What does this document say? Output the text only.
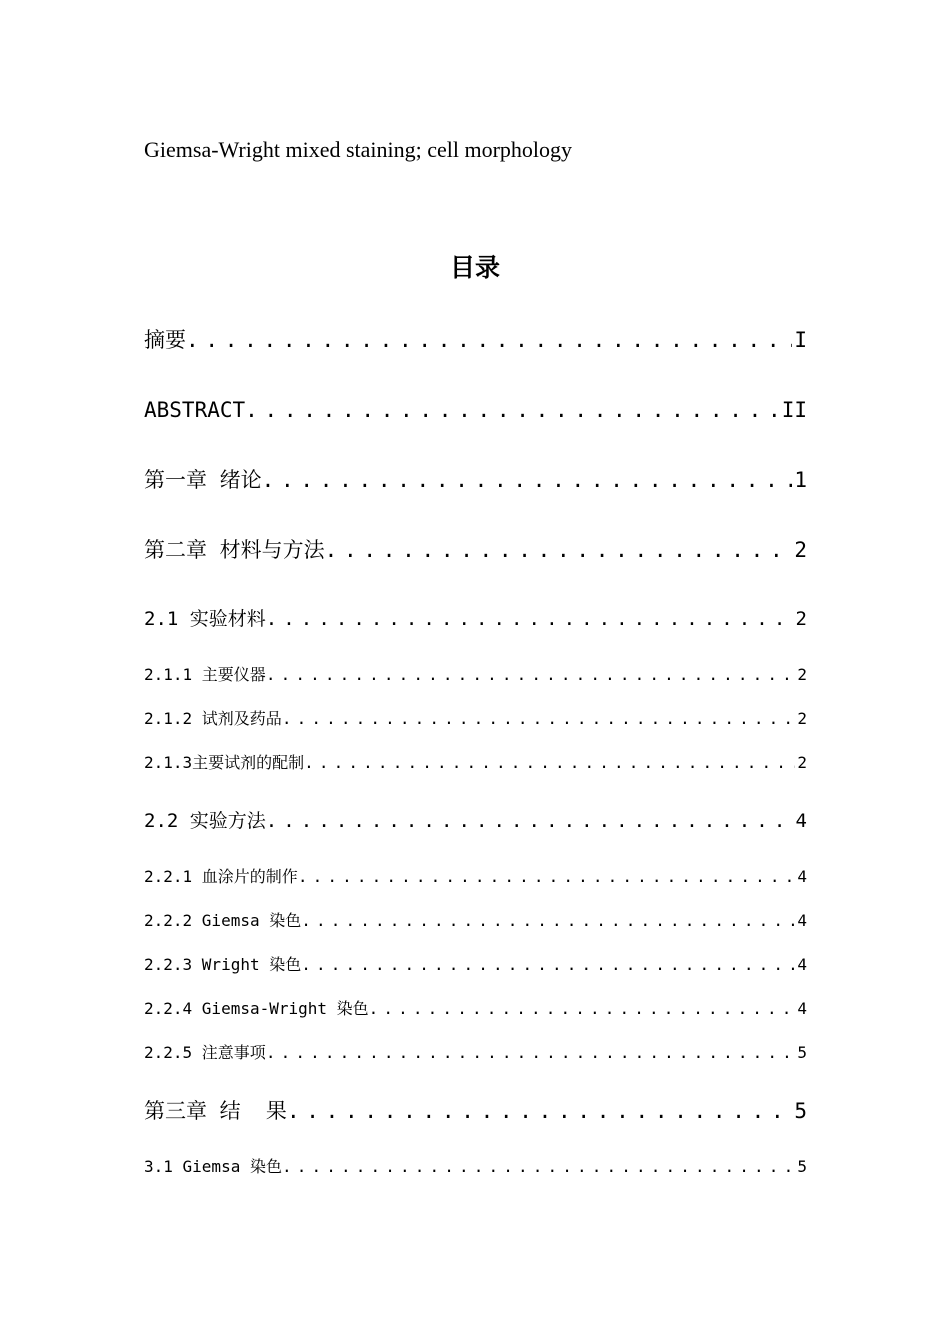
Giemsa-Wright mixed staining; cell morphology
目录
摘要 .....	I
ABSTRACT .....	II
第一章 绪论 .....	1
第二章 材料与方法 .....	2
2.1 实验材料 .....	2
2.1.1 主要仪器 .....	2
2.1.2 试剂及药品 .....	2
2.1.3主要试剂的配制 .....	2
2.2 实验方法 .....	4
2.2.1 血涂片的制作 .....	4
2.2.2 Giemsa 染色 .....	4
2.2.3 Wright 染色 .....	4
2.2.4 Giemsa-Wright 染色 .....	4
2.2.5 注意事项 .....	5
第三章 结  果 .....	5
3.1 Giemsa 染色 .....	5
